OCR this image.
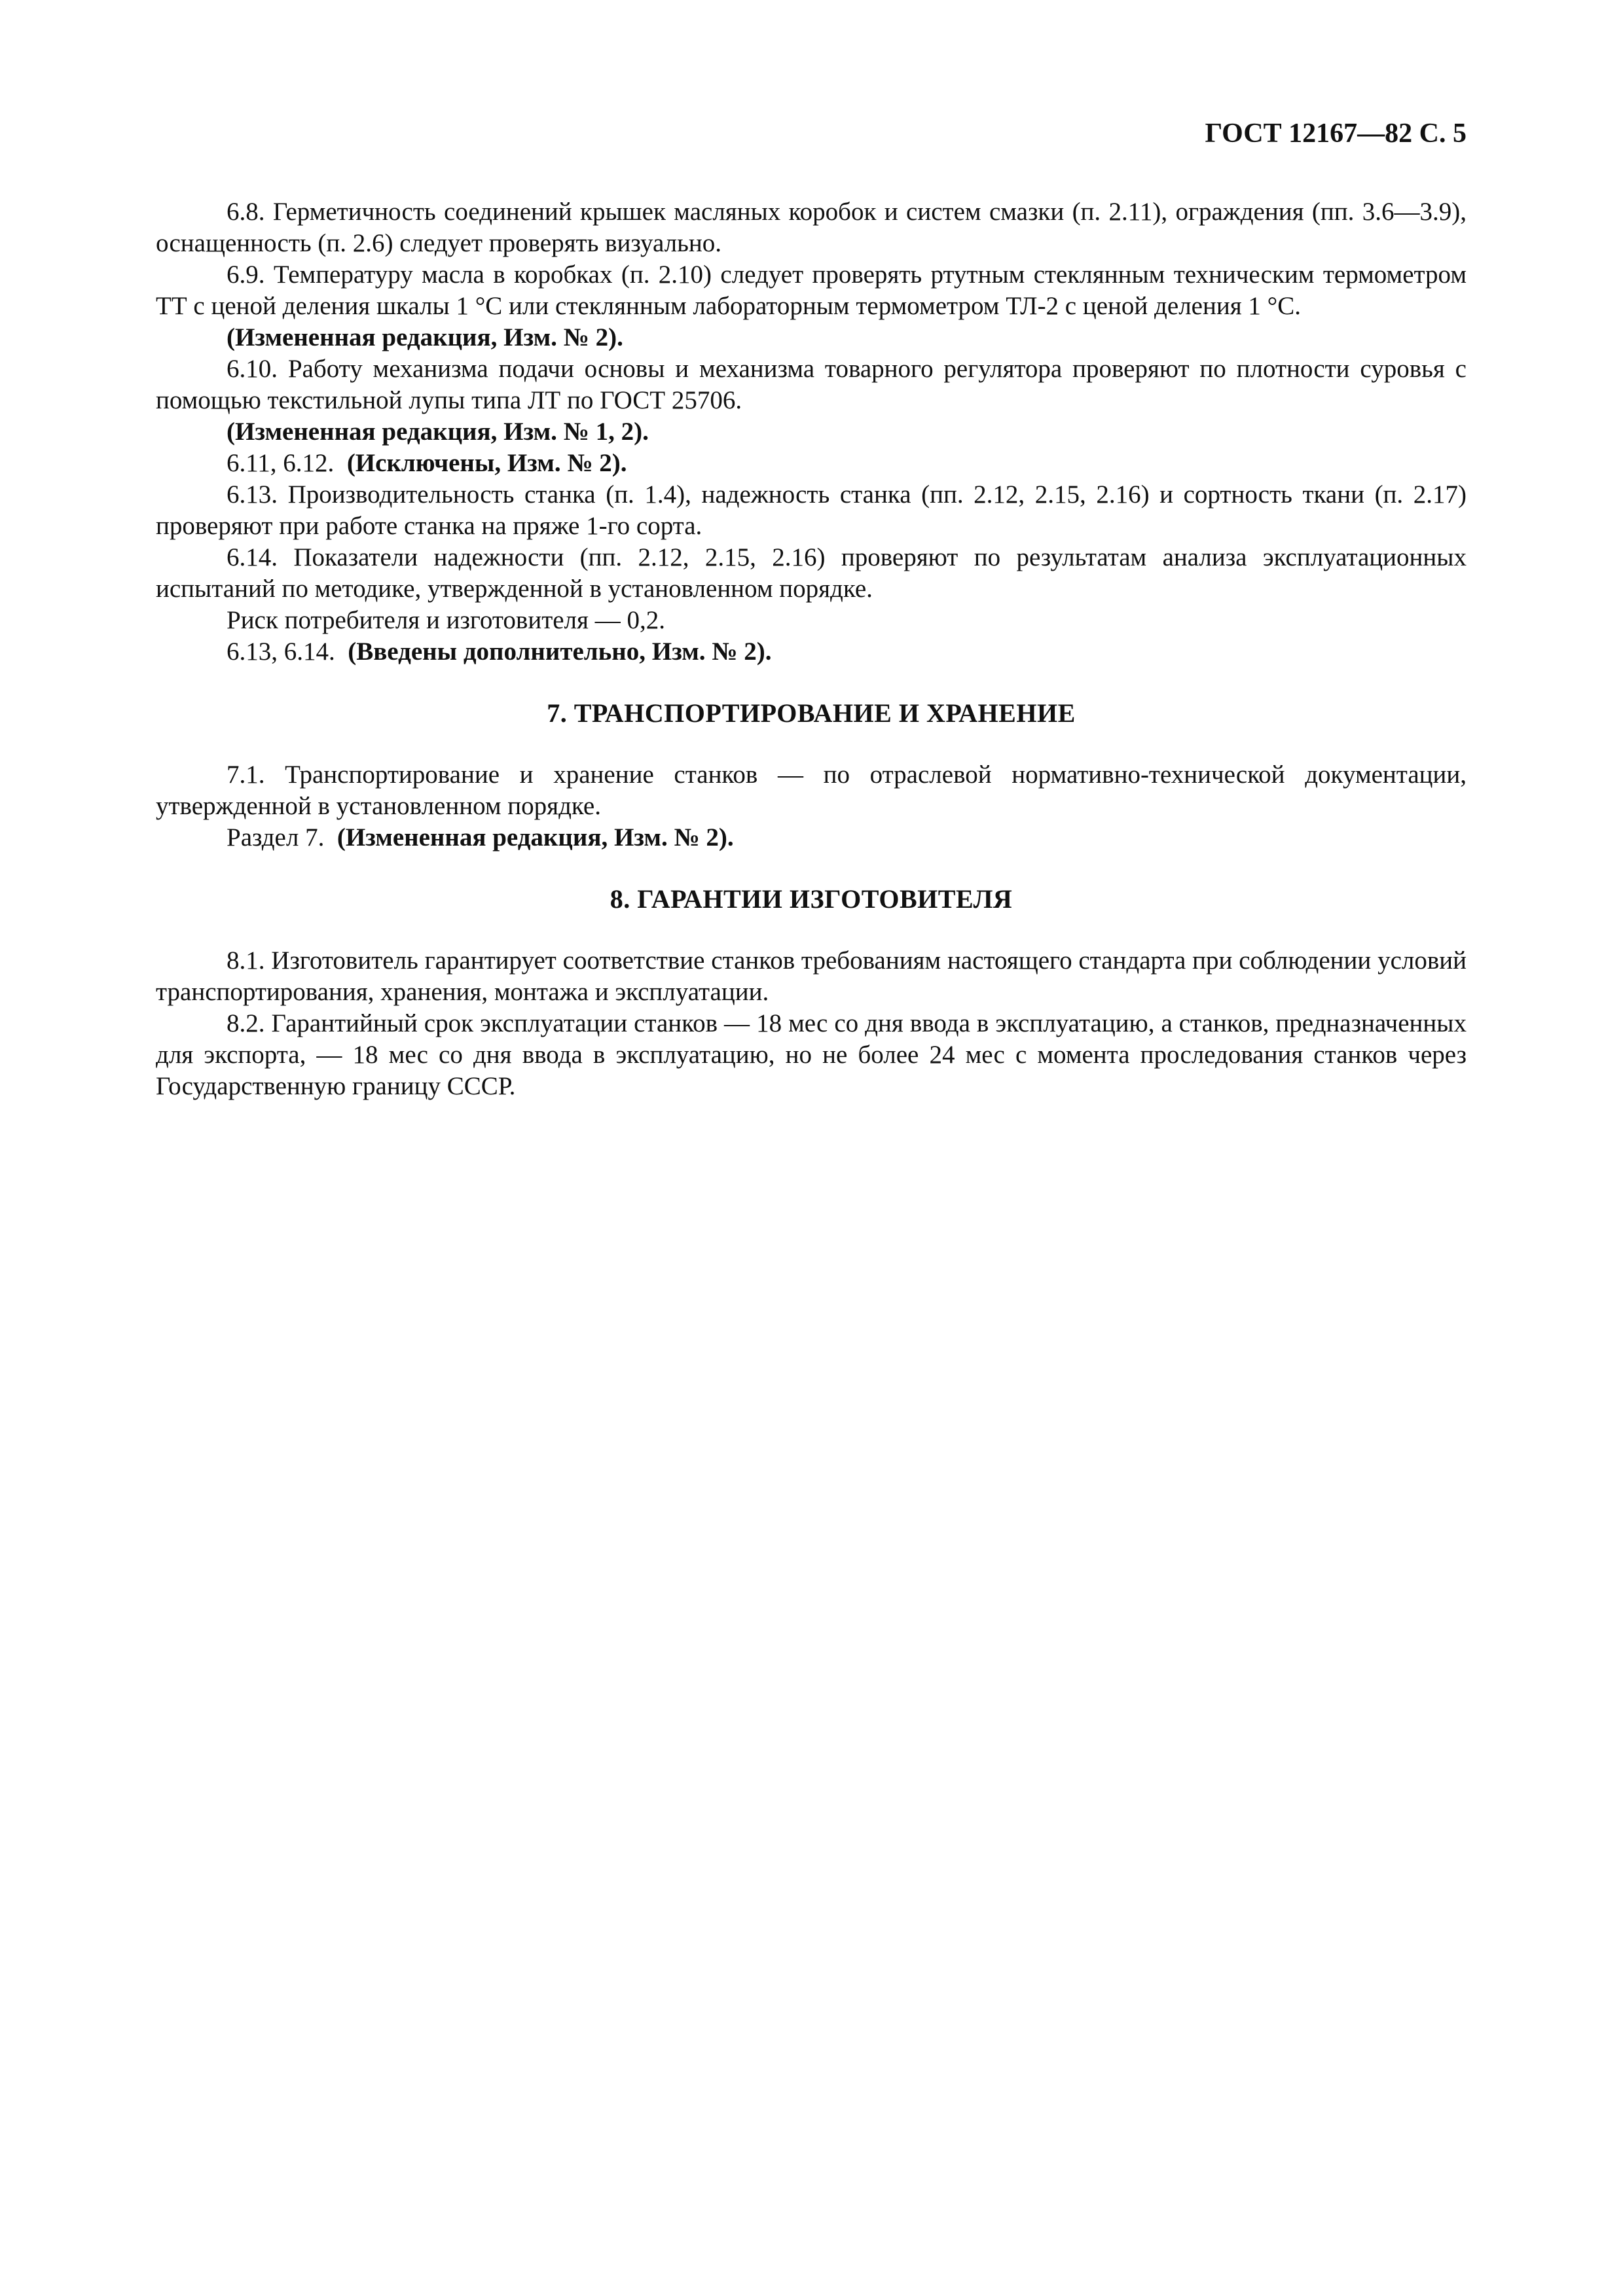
ГОСТ 12167—82 С. 5

6.8. Герметичность соединений крышек масляных коробок и систем смазки (п. 2.11), ограждения (пп. 3.6—3.9), оснащенность (п. 2.6) следует проверять визуально.

6.9. Температуру масла в коробках (п. 2.10) следует проверять ртутным стеклянным техническим термометром ТТ с ценой деления шкалы 1 °С или стеклянным лабораторным термометром ТЛ-2 с ценой деления 1 °С.

(Измененная редакция, Изм. № 2).

6.10. Работу механизма подачи основы и механизма товарного регулятора проверяют по плотности суровья с помощью текстильной лупы типа ЛТ по ГОСТ 25706.

(Измененная редакция, Изм. № 1, 2).

6.11, 6.12. (Исключены, Изм. № 2).

6.13. Производительность станка (п. 1.4), надежность станка (пп. 2.12, 2.15, 2.16) и сортность ткани (п. 2.17) проверяют при работе станка на пряже 1-го сорта.

6.14. Показатели надежности (пп. 2.12, 2.15, 2.16) проверяют по результатам анализа эксплуатационных испытаний по методике, утвержденной в установленном порядке.

Риск потребителя и изготовителя — 0,2.

6.13, 6.14. (Введены дополнительно, Изм. № 2).

7. ТРАНСПОРТИРОВАНИЕ И ХРАНЕНИЕ

7.1. Транспортирование и хранение станков — по отраслевой нормативно-технической документации, утвержденной в установленном порядке.

Раздел 7. (Измененная редакция, Изм. № 2).

8. ГАРАНТИИ ИЗГОТОВИТЕЛЯ

8.1. Изготовитель гарантирует соответствие станков требованиям настоящего стандарта при соблюдении условий транспортирования, хранения, монтажа и эксплуатации.

8.2. Гарантийный срок эксплуатации станков — 18 мес со дня ввода в эксплуатацию, а станков, предназначенных для экспорта, — 18 мес со дня ввода в эксплуатацию, но не более 24 мес с момента проследования станков через Государственную границу СССР.
